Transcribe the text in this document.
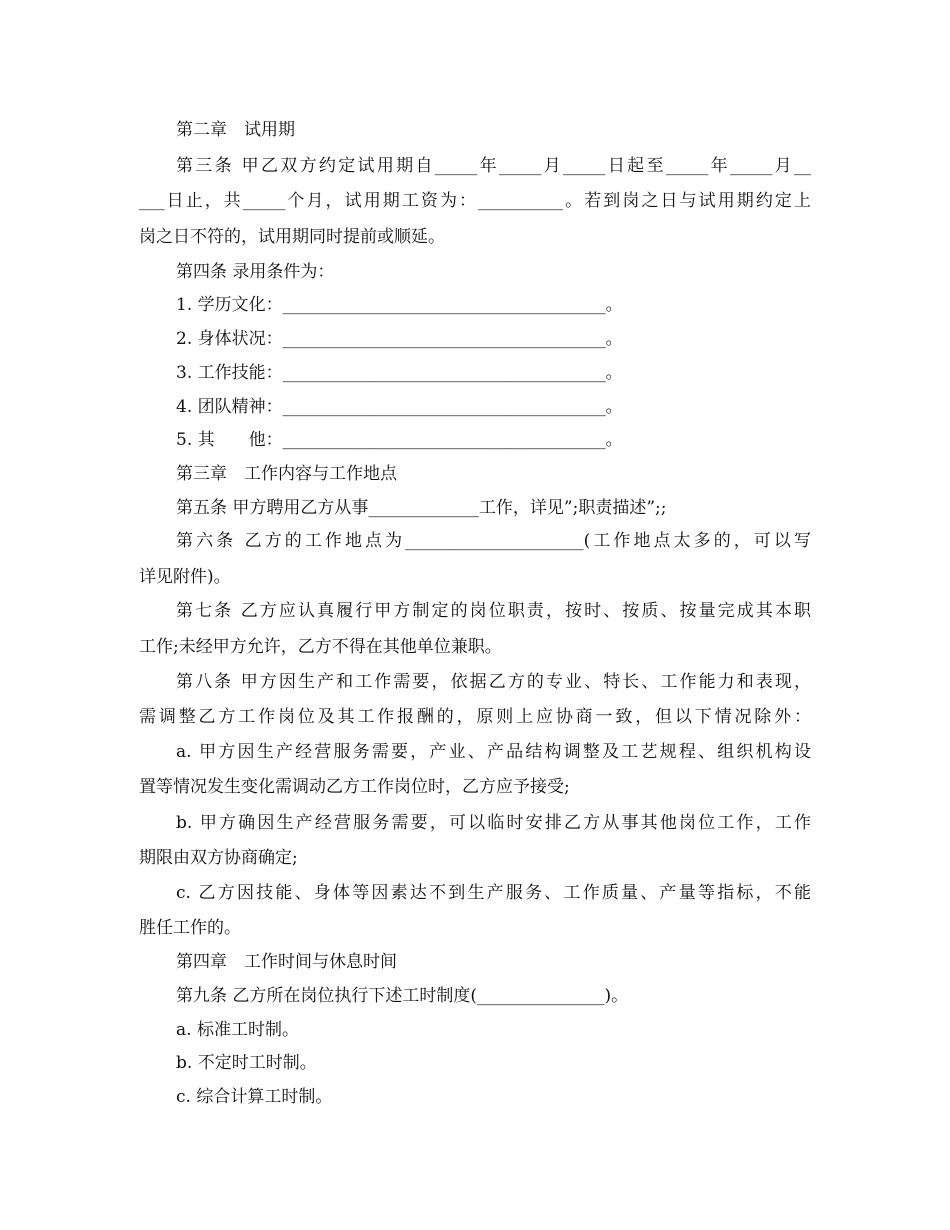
第二章　试用期
第三条 甲乙双方约定试用期自_____年_____月_____日起至_____年_____月__
___日止，共_____个月，试用期工资为：__________。若到岗之日与试用期约定上
岗之日不符的，试用期同时提前或顺延。
第四条 录用条件为：
1. 学历文化：______________________________________。
2. 身体状况：______________________________________。
3. 工作技能：______________________________________。
4. 团队精神：______________________________________。
5. 其　　他：______________________________________。
第三章　工作内容与工作地点
第五条 甲方聘用乙方从事_____________工作，详见”;职责描述”;;
第六条 乙方的工作地点为_____________________(工作地点太多的，可以写
详见附件)。
第七条 乙方应认真履行甲方制定的岗位职责，按时、按质、按量完成其本职
工作;未经甲方允许，乙方不得在其他单位兼职。
第八条 甲方因生产和工作需要，依据乙方的专业、特长、工作能力和表现，
需调整乙方工作岗位及其工作报酬的，原则上应协商一致，但以下情况除外：
a. 甲方因生产经营服务需要，产业、产品结构调整及工艺规程、组织机构设
置等情况发生变化需调动乙方工作岗位时，乙方应予接受;
b. 甲方确因生产经营服务需要，可以临时安排乙方从事其他岗位工作，工作
期限由双方协商确定;
c. 乙方因技能、身体等因素达不到生产服务、工作质量、产量等指标，不能
胜任工作的。
第四章　工作时间与休息时间
第九条 乙方所在岗位执行下述工时制度(_______________)。
a. 标准工时制。
b. 不定时工时制。
c. 综合计算工时制。
